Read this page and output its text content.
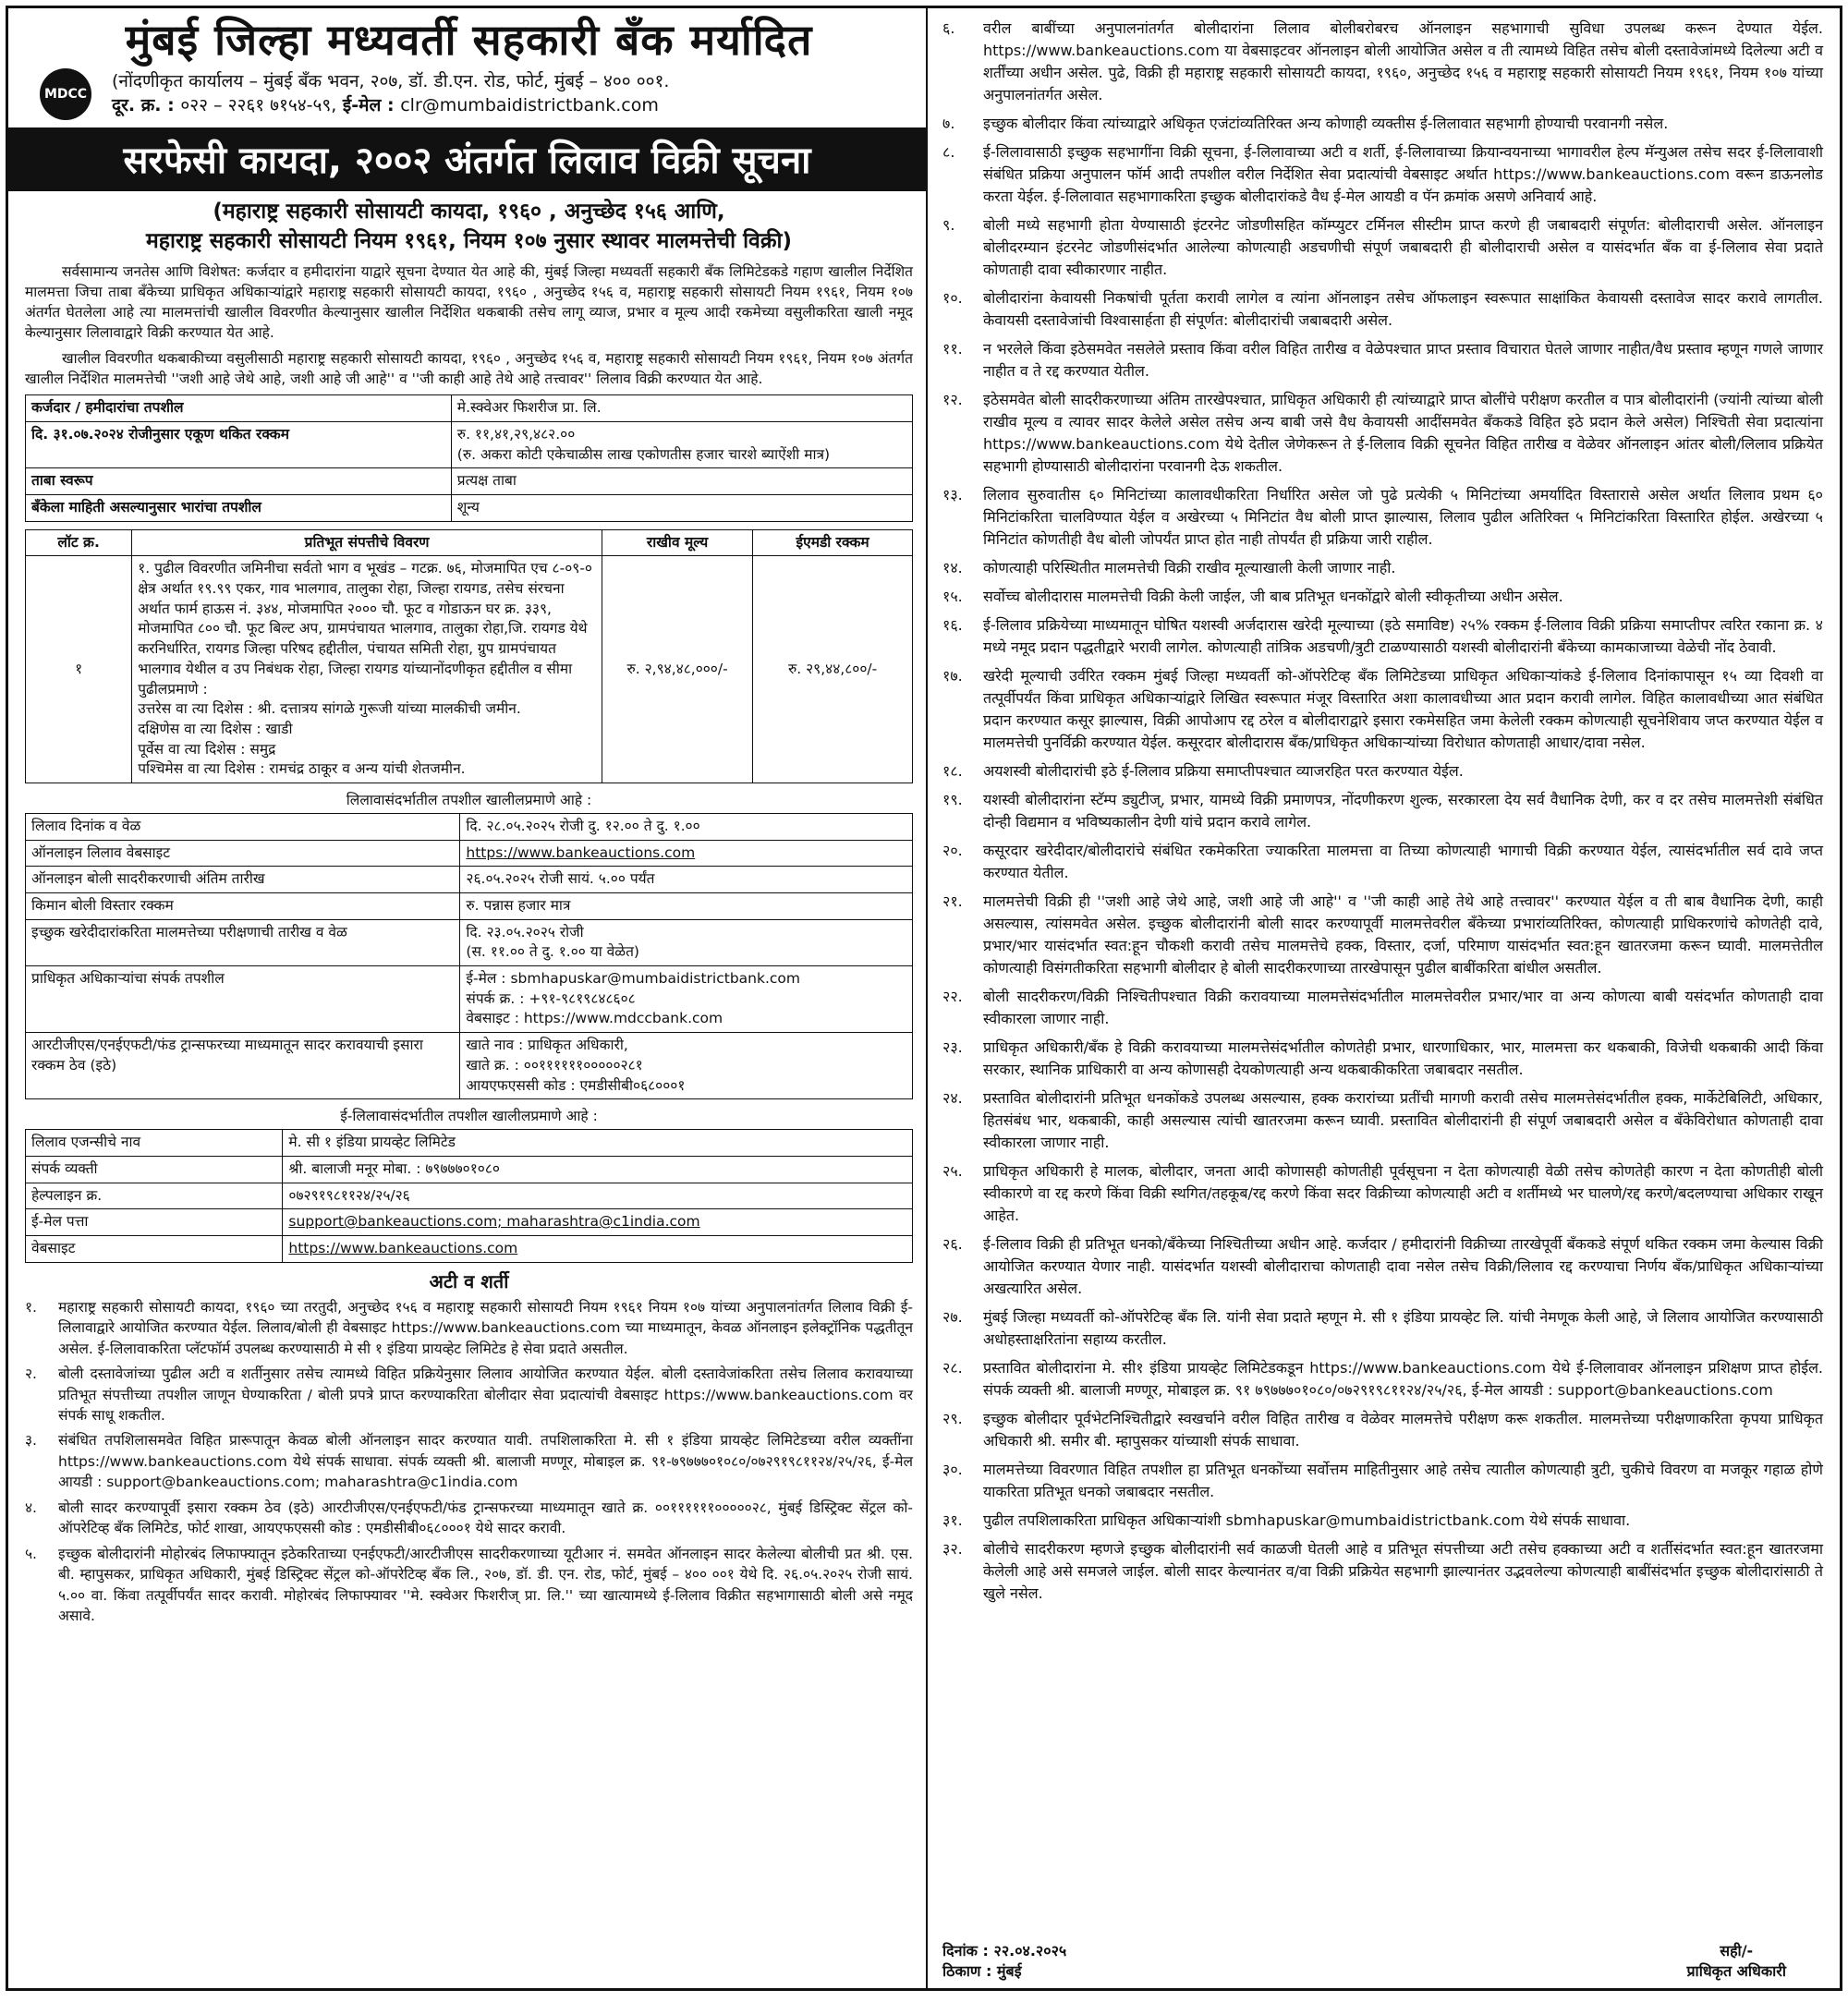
मुंबई जिल्हा मध्यवर्ती सहकारी बँक मर्यादित
MDCC
(नोंदणीकृत कार्यालय – मुंबई बँक भवन, २०७, डॉ. डी.एन. रोड, फोर्ट, मुंबई – ४०० ००१.
दूर. क्र. : ०२२ – २२६१ ७१५४-५९, ई-मेल : clr@mumbaidistrictbank.com
सरफेसी कायदा, २००२ अंतर्गत लिलाव विक्री सूचना
(महाराष्ट्र सहकारी सोसायटी कायदा, १९६० , अनुच्छेद १५६ आणि,
महाराष्ट्र सहकारी सोसायटी नियम १९६१, नियम १०७ नुसार स्थावर मालमत्तेची विक्री)

सर्वसामान्य जनतेस आणि विशेषत: कर्जदार व हमीदारांना याद्वारे सूचना देण्यात येत आहे की, मुंबई जिल्हा मध्यवर्ती सहकारी बँक लिमिटेडकडे गहाण खालील निर्देशित मालमत्ता जिचा ताबा बँकेच्या प्राधिकृत अधिकाऱ्यांद्वारे महाराष्ट्र सहकारी सोसायटी कायदा, १९६० , अनुच्छेद १५६ व, महाराष्ट्र सहकारी सोसायटी नियम १९६१, नियम १०७ अंतर्गत घेतलेला आहे त्या मालमत्तांची खालील विवरणीत केल्यानुसार खालील निर्देशित थकबाकी तसेच लागू व्याज, प्रभार व मूल्य आदी रकमेच्या वसुलीकरिता खाली नमूद केल्यानुसार लिलावाद्वारे विक्री करण्यात येत आहे.

खालील विवरणीत थकबाकीच्या वसुलीसाठी महाराष्ट्र सहकारी सोसायटी कायदा, १९६० , अनुच्छेद १५६ व, महाराष्ट्र सहकारी सोसायटी नियम १९६१, नियम १०७ अंतर्गत खालील निर्देशित मालमत्तेची ''जशी आहे जेथे आहे, जशी आहे जी आहे'' व ''जी काही आहे तेथे आहे तत्त्वावर'' लिलाव विक्री करण्यात येत आहे.

कर्जदार / हमीदारांचा तपशील	मे.स्क्वेअर फिशरीज प्रा. लि.
दि. ३१.०७.२०२४ रोजीनुसार एकूण थकित रक्कम	रु. ११,४१,२९,४८२.००
(रु. अकरा कोटी एकेचाळीस लाख एकोणतीस हजार चारशे ब्याऐंशी मात्र)

ताबा स्वरूप	प्रत्यक्ष ताबा
बँकेला माहिती असल्यानुसार भारांचा तपशील	शून्य
लॉट क्र.	प्रतिभूत संपत्तीचे विवरण	राखीव मूल्य	ईएमडी रक्कम
१	१. पुढील विवरणीत जमिनीचा सर्वतो भाग व भूखंड – गटक्र. ७६, मोजमापित एच ८-०९-० क्षेत्र अर्थात १९.९९ एकर, गाव भालगाव, तालुका रोहा, जिल्हा रायगड, तसेच संरचना अर्थात फार्म हाऊस नं. ३४४, मोजमापित २००० चौ. फूट व गोडाऊन घर क्र. ३३९, मोजमापित ८०० चौ. फूट बिल्ट अप, ग्रामपंचायत भालगाव, तालुका रोहा,जि. रायगड येथे करनिर्धारित, रायगड जिल्हा परिषद हद्दीतील, पंचायत समिती रोहा, ग्रुप ग्रामपंचायत भालगाव येथील व उप निबंधक रोहा, जिल्हा रायगड यांच्यानोंदणीकृत हद्दीतील व सीमा पुढीलप्रमाणे :
उत्तरेस वा त्या दिशेस : श्री. दत्तात्रय सांगळे गुरूजी यांच्या मालकीची जमीन.
दक्षिणेस वा त्या दिशेस : खाडी
पूर्वेस वा त्या दिशेस : समुद्र
पश्चिमेस वा त्या दिशेस : रामचंद्र ठाकूर व अन्य यांची शेतजमीन.	रु. २,९४,४८,०००/-	रु. २९,४४,८००/-
लिलावासंदर्भातील तपशील खालीलप्रमाणे आहे :
लिलाव दिनांक व वेळ	दि. २८.०५.२०२५ रोजी दु. १२.०० ते दु. १.००
ऑनलाइन लिलाव वेबसाइट	https://www.bankeauctions.com
ऑनलाइन बोली सादरीकरणाची अंतिम तारीख	२६.०५.२०२५ रोजी सायं. ५.०० पर्यंत
किमान बोली विस्तार रक्कम	रु. पन्नास हजार मात्र
इच्छुक खरेदीदारांकरिता मालमत्तेच्या परीक्षणाची तारीख व वेळ	दि. २३.०५.२०२५ रोजी
(स. ११.०० ते दु. १.०० या वेळेत)

प्राधिकृत अधिकाऱ्यांचा संपर्क तपशील	ई-मेल : sbmhapuskar@mumbaidistrictbank.com
संपर्क क्र. : +९१-९८१९८४८६०८
वेबसाइट : https://www.mdccbank.com

आरटीजीएस/एनईएफटी/फंड ट्रान्सफरच्या माध्यमातून सादर करावयाची इसारा रक्कम ठेव (इठे)	खाते नाव : प्राधिकृत अधिकारी,
खाते क्र. : ००११११११०००००२८१
आयएफएससी कोड : एमडीसीबी०६८०००१
ई-लिलावासंदर्भातील तपशील खालीलप्रमाणे आहे :
लिलाव एजन्सीचे नाव	मे. सी १ इंडिया प्रायव्हेट लिमिटेड
संपर्क व्यक्ती	श्री. बालाजी मनूर मोबा. : ७९७७७०१०८०
हेल्पलाइन क्र.	०७२९१९८११२४/२५/२६
ई-मेल पत्ता	support@bankeauctions.com; maharashtra@c1india.com
वेबसाइट	https://www.bankeauctions.com
अटी व शर्ती
१.	महाराष्ट्र सहकारी सोसायटी कायदा, १९६० च्या तरतुदी, अनुच्छेद १५६ व महाराष्ट्र सहकारी सोसायटी नियम १९६१ नियम १०७ यांच्या अनुपालनांतर्गत लिलाव विक्री ई-लिलावाद्वारे आयोजित करण्यात येईल. लिलाव/बोली ही वेबसाइट https://www.bankeauctions.com च्या माध्यमातून, केवळ ऑनलाइन इलेक्ट्रॉनिक पद्धतीतून असेल. ई-लिलावाकरिता प्लॅटफॉर्म उपलब्ध करण्यासाठी मे सी १ इंडिया प्रायव्हेट लिमिटेड हे सेवा प्रदाते असतील.
२.	बोली दस्तावेजांच्या पुढील अटी व शर्तीनुसार तसेच त्यामध्ये विहित प्रक्रियेनुसार लिलाव आयोजित करण्यात येईल. बोली दस्तावेजांकरिता तसेच लिलाव करावयाच्या प्रतिभूत संपत्तीच्या तपशील जाणून घेण्याकरिता / बोली प्रपत्रे प्राप्त करण्याकरिता बोलीदार सेवा प्रदात्यांची वेबसाइट https://www.bankeauctions.com वर संपर्क साधू शकतील.
३.	संबंधित तपशिलासमवेत विहित प्रारूपातून केवळ बोली ऑनलाइन सादर करण्यात यावी. तपशिलाकरिता मे. सी १ इंडिया प्रायव्हेट लिमिटेडच्या वरील व्यक्तींना https://www.bankeauctions.com येथे संपर्क साधावा. संपर्क व्यक्ती श्री. बालाजी मण्णूर, मोबाइल क्र. ९१-७९७७७०१०८०/०७२९१९८११२४/२५/२६, ई-मेल आयडी : support@bankeauctions.com; maharashtra@c1india.com
४.	बोली सादर करण्यापूर्वी इसारा रक्कम ठेव (इठे) आरटीजीएस/एनईएफटी/फंड ट्रान्सफरच्या माध्यमातून खाते क्र. ००११११११०००००२८, मुंबई डिस्ट्रिक्ट सेंट्रल को-ऑपरेटिव्ह बँक लिमिटेड, फोर्ट शाखा, आयएफएससी कोड : एमडीसीबी०६८०००१ येथे सादर करावी.
५.	इच्छुक बोलीदारांनी मोहोरबंद लिफाफ्यातून इठेकरिताच्या एनईएफटी/आरटीजीएस सादरीकरणाच्या यूटीआर नं. समवेत ऑनलाइन सादर केलेल्या बोलीची प्रत श्री. एस. बी. म्हापुसकर, प्राधिकृत अधिकारी, मुंबई डिस्ट्रिक्ट सेंट्रल को-ऑपरेटिव्ह बँक लि., २०७, डॉ. डी. एन. रोड, फोर्ट, मुंबई – ४०० ००१ येथे दि. २६.०५.२०२५ रोजी सायं. ५.०० वा. किंवा तत्पूर्वीपर्यंत सादर करावी. मोहोरबंद लिफाफ्यावर ''मे. स्क्वेअर फिशरीज् प्रा. लि.'' च्या खात्यामध्ये ई-लिलाव विक्रीत सहभागासाठी बोली असे नमूद असावे.
६.	वरील बाबींच्या अनुपालनांतर्गत बोलीदारांना लिलाव बोलीबरोबरच ऑनलाइन सहभागाची सुविधा उपलब्ध करून देण्यात येईल. https://www.bankeauctions.com या वेबसाइटवर ऑनलाइन बोली आयोजित असेल व ती त्यामध्ये विहित तसेच बोली दस्तावेजांमध्ये दिलेल्या अटी व शर्तींच्या अधीन असेल. पुढे, विक्री ही महाराष्ट्र सहकारी सोसायटी कायदा, १९६०, अनुच्छेद १५६ व महाराष्ट्र सहकारी सोसायटी नियम १९६१, नियम १०७ यांच्या अनुपालनांतर्गत असेल.
७.	इच्छुक बोलीदार किंवा त्यांच्याद्वारे अधिकृत एजंटांव्यतिरिक्त अन्य कोणाही व्यक्तीस ई-लिलावात सहभागी होण्याची परवानगी नसेल.
८.	ई-लिलावासाठी इच्छुक सहभागींना विक्री सूचना, ई-लिलावाच्या अटी व शर्ती, ई-लिलावाच्या क्रियान्वयनाच्या भागावरील हेल्प मॅन्युअल तसेच सदर ई-लिलावाशी संबंधित प्रक्रिया अनुपालन फॉर्म आदी तपशील वरील निर्देशित सेवा प्रदात्यांची वेबसाइट अर्थात https://www.bankeauctions.com वरून डाऊनलोड करता येईल. ई-लिलावात सहभागाकरिता इच्छुक बोलीदारांकडे वैध ई-मेल आयडी व पॅन क्रमांक असणे अनिवार्य आहे.
९.	बोली मध्ये सहभागी होता येण्यासाठी इंटरनेट जोडणीसहित कॉम्प्युटर टर्मिनल सीस्टीम प्राप्त करणे ही जबाबदारी संपूर्णत: बोलीदाराची असेल. ऑनलाइन बोलीदरम्यान इंटरनेट जोडणीसंदर्भात आलेल्या कोणत्याही अडचणीची संपूर्ण जबाबदारी ही बोलीदाराची असेल व यासंदर्भात बँक वा ई-लिलाव सेवा प्रदाते कोणताही दावा स्वीकारणार नाहीत.
१०.	बोलीदारांना केवायसी निकषांची पूर्तता करावी लागेल व त्यांना ऑनलाइन तसेच ऑफलाइन स्वरूपात साक्षांकित केवायसी दस्तावेज सादर करावे लागतील. केवायसी दस्तावेजांची विश्वासार्हता ही संपूर्णत: बोलीदारांची जबाबदारी असेल.
११.	न भरलेले किंवा इठेसमवेत नसलेले प्रस्ताव किंवा वरील विहित तारीख व वेळेपश्चात प्राप्त प्रस्ताव विचारात घेतले जाणार नाहीत/वैध प्रस्ताव म्हणून गणले जाणार नाहीत व ते रद्द करण्यात येतील.
१२.	इठेसमवेत बोली सादरीकरणाच्या अंतिम तारखेपश्चात, प्राधिकृत अधिकारी ही त्यांच्याद्वारे प्राप्त बोलींचे परीक्षण करतील व पात्र बोलीदारांनी (ज्यांनी त्यांच्या बोली राखीव मूल्य व त्यावर सादर केलेले असेल तसेच अन्य बाबी जसे वैध केवायसी आदींसमवेत बँककडे विहित इठे प्रदान केले असेल) निश्चिती सेवा प्रदात्यांना https://www.bankeauctions.com येथे देतील जेणेकरून ते ई-लिलाव विक्री सूचनेत विहित तारीख व वेळेवर ऑनलाइन आंतर बोली/लिलाव प्रक्रियेत सहभागी होण्यासाठी बोलीदारांना परवानगी देऊ शकतील.
१३.	लिलाव सुरुवातीस ६० मिनिटांच्या कालावधीकरिता निर्धारित असेल जो पुढे प्रत्येकी ५ मिनिटांच्या अमर्यादित विस्तारासे असेल अर्थात लिलाव प्रथम ६० मिनिटांकरिता चालविण्यात येईल व अखेरच्या ५ मिनिटांत वैध बोली प्राप्त झाल्यास, लिलाव पुढील अतिरिक्त ५ मिनिटांकरिता विस्तारित होईल. अखेरच्या ५ मिनिटांत कोणतीही वैध बोली जोपर्यंत प्राप्त होत नाही तोपर्यंत ही प्रक्रिया जारी राहील.
१४.	कोणत्याही परिस्थितीत मालमत्तेची विक्री राखीव मूल्याखाली केली जाणार नाही.
१५.	सर्वोच्च बोलीदारास मालमत्तेची विक्री केली जाईल, जी बाब प्रतिभूत धनकोंद्वारे बोली स्वीकृतीच्या अधीन असेल.
१६.	ई-लिलाव प्रक्रियेच्या माध्यमातून घोषित यशस्वी अर्जदारास खरेदी मूल्याच्या (इठे समाविष्ट) २५% रक्कम ई-लिलाव विक्री प्रक्रिया समाप्तीपर त्वरित रकाना क्र. ४ मध्ये नमूद प्रदान पद्धतीद्वारे भरावी लागेल. कोणत्याही तांत्रिक अडचणी/त्रुटी टाळण्यासाठी यशस्वी बोलीदारांनी बँकेच्या कामकाजाच्या वेळेची नोंद ठेवावी.
१७.	खरेदी मूल्याची उर्वरित रक्कम मुंबई जिल्हा मध्यवर्ती को-ऑपरेटिव्ह बँक लिमिटेडच्या प्राधिकृत अधिकाऱ्यांकडे ई-लिलाव दिनांकापासून १५ व्या दिवशी वा तत्पूर्वीपर्यंत किंवा प्राधिकृत अधिकाऱ्यांद्वारे लिखित स्वरूपात मंजूर विस्तारित अशा कालावधीच्या आत प्रदान करावी लागेल. विहित कालावधीच्या आत संबंधित प्रदान करण्यात कसूर झाल्यास, विक्री आपोआप रद्द ठरेल व बोलीदाराद्वारे इसारा रकमेसहित जमा केलेली रक्कम कोणत्याही सूचनेशिवाय जप्त करण्यात येईल व मालमत्तेची पुनर्विक्री करण्यात येईल. कसूरदार बोलीदारास बँक/प्राधिकृत अधिकाऱ्यांच्या विरोधात कोणताही आधार/दावा नसेल.
१८.	अयशस्वी बोलीदारांची इठे ई-लिलाव प्रक्रिया समाप्तीपश्चात व्याजरहित परत करण्यात येईल.
१९.	यशस्वी बोलीदारांना स्टॅम्प ड्युटीज्, प्रभार, यामध्ये विक्री प्रमाणपत्र, नोंदणीकरण शुल्क, सरकारला देय सर्व वैधानिक देणी, कर व दर तसेच मालमत्तेशी संबंधित दोन्ही विद्यमान व भविष्यकालीन देणी यांचे प्रदान करावे लागेल.
२०.	कसूरदार खरेदीदार/बोलीदारांचे संबंधित रकमेकरिता ज्याकरिता मालमत्ता वा तिच्या कोणत्याही भागाची विक्री करण्यात येईल, त्यासंदर्भातील सर्व दावे जप्त करण्यात येतील.
२१.	मालमत्तेची विक्री ही ''जशी आहे जेथे आहे, जशी आहे जी आहे'' व ''जी काही आहे तेथे आहे तत्त्वावर'' करण्यात येईल व ती बाब वैधानिक देणी, काही असल्यास, त्यांसमवेत असेल. इच्छुक बोलीदारांनी बोली सादर करण्यापूर्वी मालमत्तेवरील बँकेच्या प्रभारांव्यतिरिक्त, कोणत्याही प्राधिकरणांचे कोणतेही दावे, प्रभार/भार यासंदर्भात स्वत:हून चौकशी करावी तसेच मालमत्तेचे हक्क, विस्तार, दर्जा, परिमाण यासंदर्भात स्वत:हून खातरजमा करून घ्यावी. मालमत्तेतील कोणत्याही विसंगतीकरिता सहभागी बोलीदार हे बोली सादरीकरणाच्या तारखेपासून पुढील बाबींकरिता बांधील असतील.
२२.	बोली सादरीकरण/विक्री निश्चितीपश्चात विक्री करावयाच्या मालमत्तेसंदर्भातील मालमत्तेवरील प्रभार/भार वा अन्य कोणत्या बाबी यसंदर्भात कोणताही दावा स्वीकारला जाणार नाही.
२३.	प्राधिकृत अधिकारी/बँक हे विक्री करावयाच्या मालमत्तेसंदर्भातील कोणतेही प्रभार, धारणाधिकार, भार, मालमत्ता कर थकबाकी, विजेची थकबाकी आदी किंवा सरकार, स्थानिक प्राधिकारी वा अन्य कोणासही देयकोणत्याही अन्य थकबाकीकरिता जबाबदार नसतील.
२४.	प्रस्तावित बोलीदारांनी प्रतिभूत धनकोंकडे उपलब्ध असल्यास, हक्क करारांच्या प्रतींची मागणी करावी तसेच मालमत्तेसंदर्भातील हक्क, मार्केटेबिलिटी, अधिकार, हितसंबंध भार, थकबाकी, काही असल्यास त्यांची खातरजमा करून घ्यावी. प्रस्तावित बोलीदारांनी ही संपूर्ण जबाबदारी असेल व बँकेविरोधात कोणताही दावा स्वीकारला जाणार नाही.
२५.	प्राधिकृत अधिकारी हे मालक, बोलीदार, जनता आदी कोणासही कोणतीही पूर्वसूचना न देता कोणत्याही वेळी तसेच कोणतेही कारण न देता कोणतीही बोली स्वीकारणे वा रद्द करणे किंवा विक्री स्थगित/तहकूब/रद्द करणे किंवा सदर विक्रीच्या कोणत्याही अटी व शर्तीमध्ये भर घालणे/रद्द करणे/बदलण्याचा अधिकार राखून आहेत.
२६.	ई-लिलाव विक्री ही प्रतिभूत धनको/बँकेच्या निश्चितीच्या अधीन आहे. कर्जदार / हमीदारांनी विक्रीच्या तारखेपूर्वी बँककडे संपूर्ण थकित रक्कम जमा केल्यास विक्री आयोजित करण्यात येणार नाही. यासंदर्भात यशस्वी बोलीदाराचा कोणताही दावा नसेल तसेच विक्री/लिलाव रद्द करण्याचा निर्णय बँक/प्राधिकृत अधिकाऱ्यांच्या अखत्यारित असेल.
२७.	मुंबई जिल्हा मध्यवर्ती को-ऑपरेटिव्ह बँक लि. यांनी सेवा प्रदाते म्हणून मे. सी १ इंडिया प्रायव्हेट लि. यांची नेमणूक केली आहे, जे लिलाव आयोजित करण्यासाठी अधोहस्ताक्षरितांना सहाय्य करतील.
२८.	प्रस्तावित बोलीदारांना मे. सी१ इंडिया प्रायव्हेट लिमिटेडकडून https://www.bankeauctions.com येथे ई-लिलावावर ऑनलाइन प्रशिक्षण प्राप्त होईल. संपर्क व्यक्ती श्री. बालाजी मण्णूर, मोबाइल क्र. ९१ ७९७७७०१०८०/०७२९१९८११२४/२५/२६, ई-मेल आयडी : support@bankeauctions.com
२९.	इच्छुक बोलीदार पूर्वभेटनिश्चितीद्वारे स्वखर्चाने वरील विहित तारीख व वेळेवर मालमत्तेचे परीक्षण करू शकतील. मालमत्तेच्या परीक्षणाकरिता कृपया प्राधिकृत अधिकारी श्री. समीर बी. म्हापुसकर यांच्याशी संपर्क साधावा.
३०.	मालमत्तेच्या विवरणात विहित तपशील हा प्रतिभूत धनकोंच्या सर्वोत्तम माहितीनुसार आहे तसेच त्यातील कोणत्याही त्रुटी, चुकीचे विवरण वा मजकूर गहाळ होणे याकरिता प्रतिभूत धनको जबाबदार नसतील.
३१.	पुढील तपशिलाकरिता प्राधिकृत अधिकाऱ्यांशी sbmhapuskar@mumbaidistrictbank.com येथे संपर्क साधावा.
३२.	बोलीचे सादरीकरण म्हणजे इच्छुक बोलीदारांनी सर्व काळजी घेतली आहे व प्रतिभूत संपत्तीच्या अटी तसेच हक्काच्या अटी व शर्तीसंदर्भात स्वत:हून खातरजमा केलेली आहे असे समजले जाईल. बोली सादर केल्यानंतर व/वा विक्री प्रक्रियेत सहभागी झाल्यानंतर उद्भवलेल्या कोणत्याही बाबींसंदर्भात इच्छुक बोलीदारांसाठी ते खुले नसेल.
दिनांक : २२.०४.२०२५
ठिकाण : मुंबई
सही/-
प्राधिकृत अधिकारी
